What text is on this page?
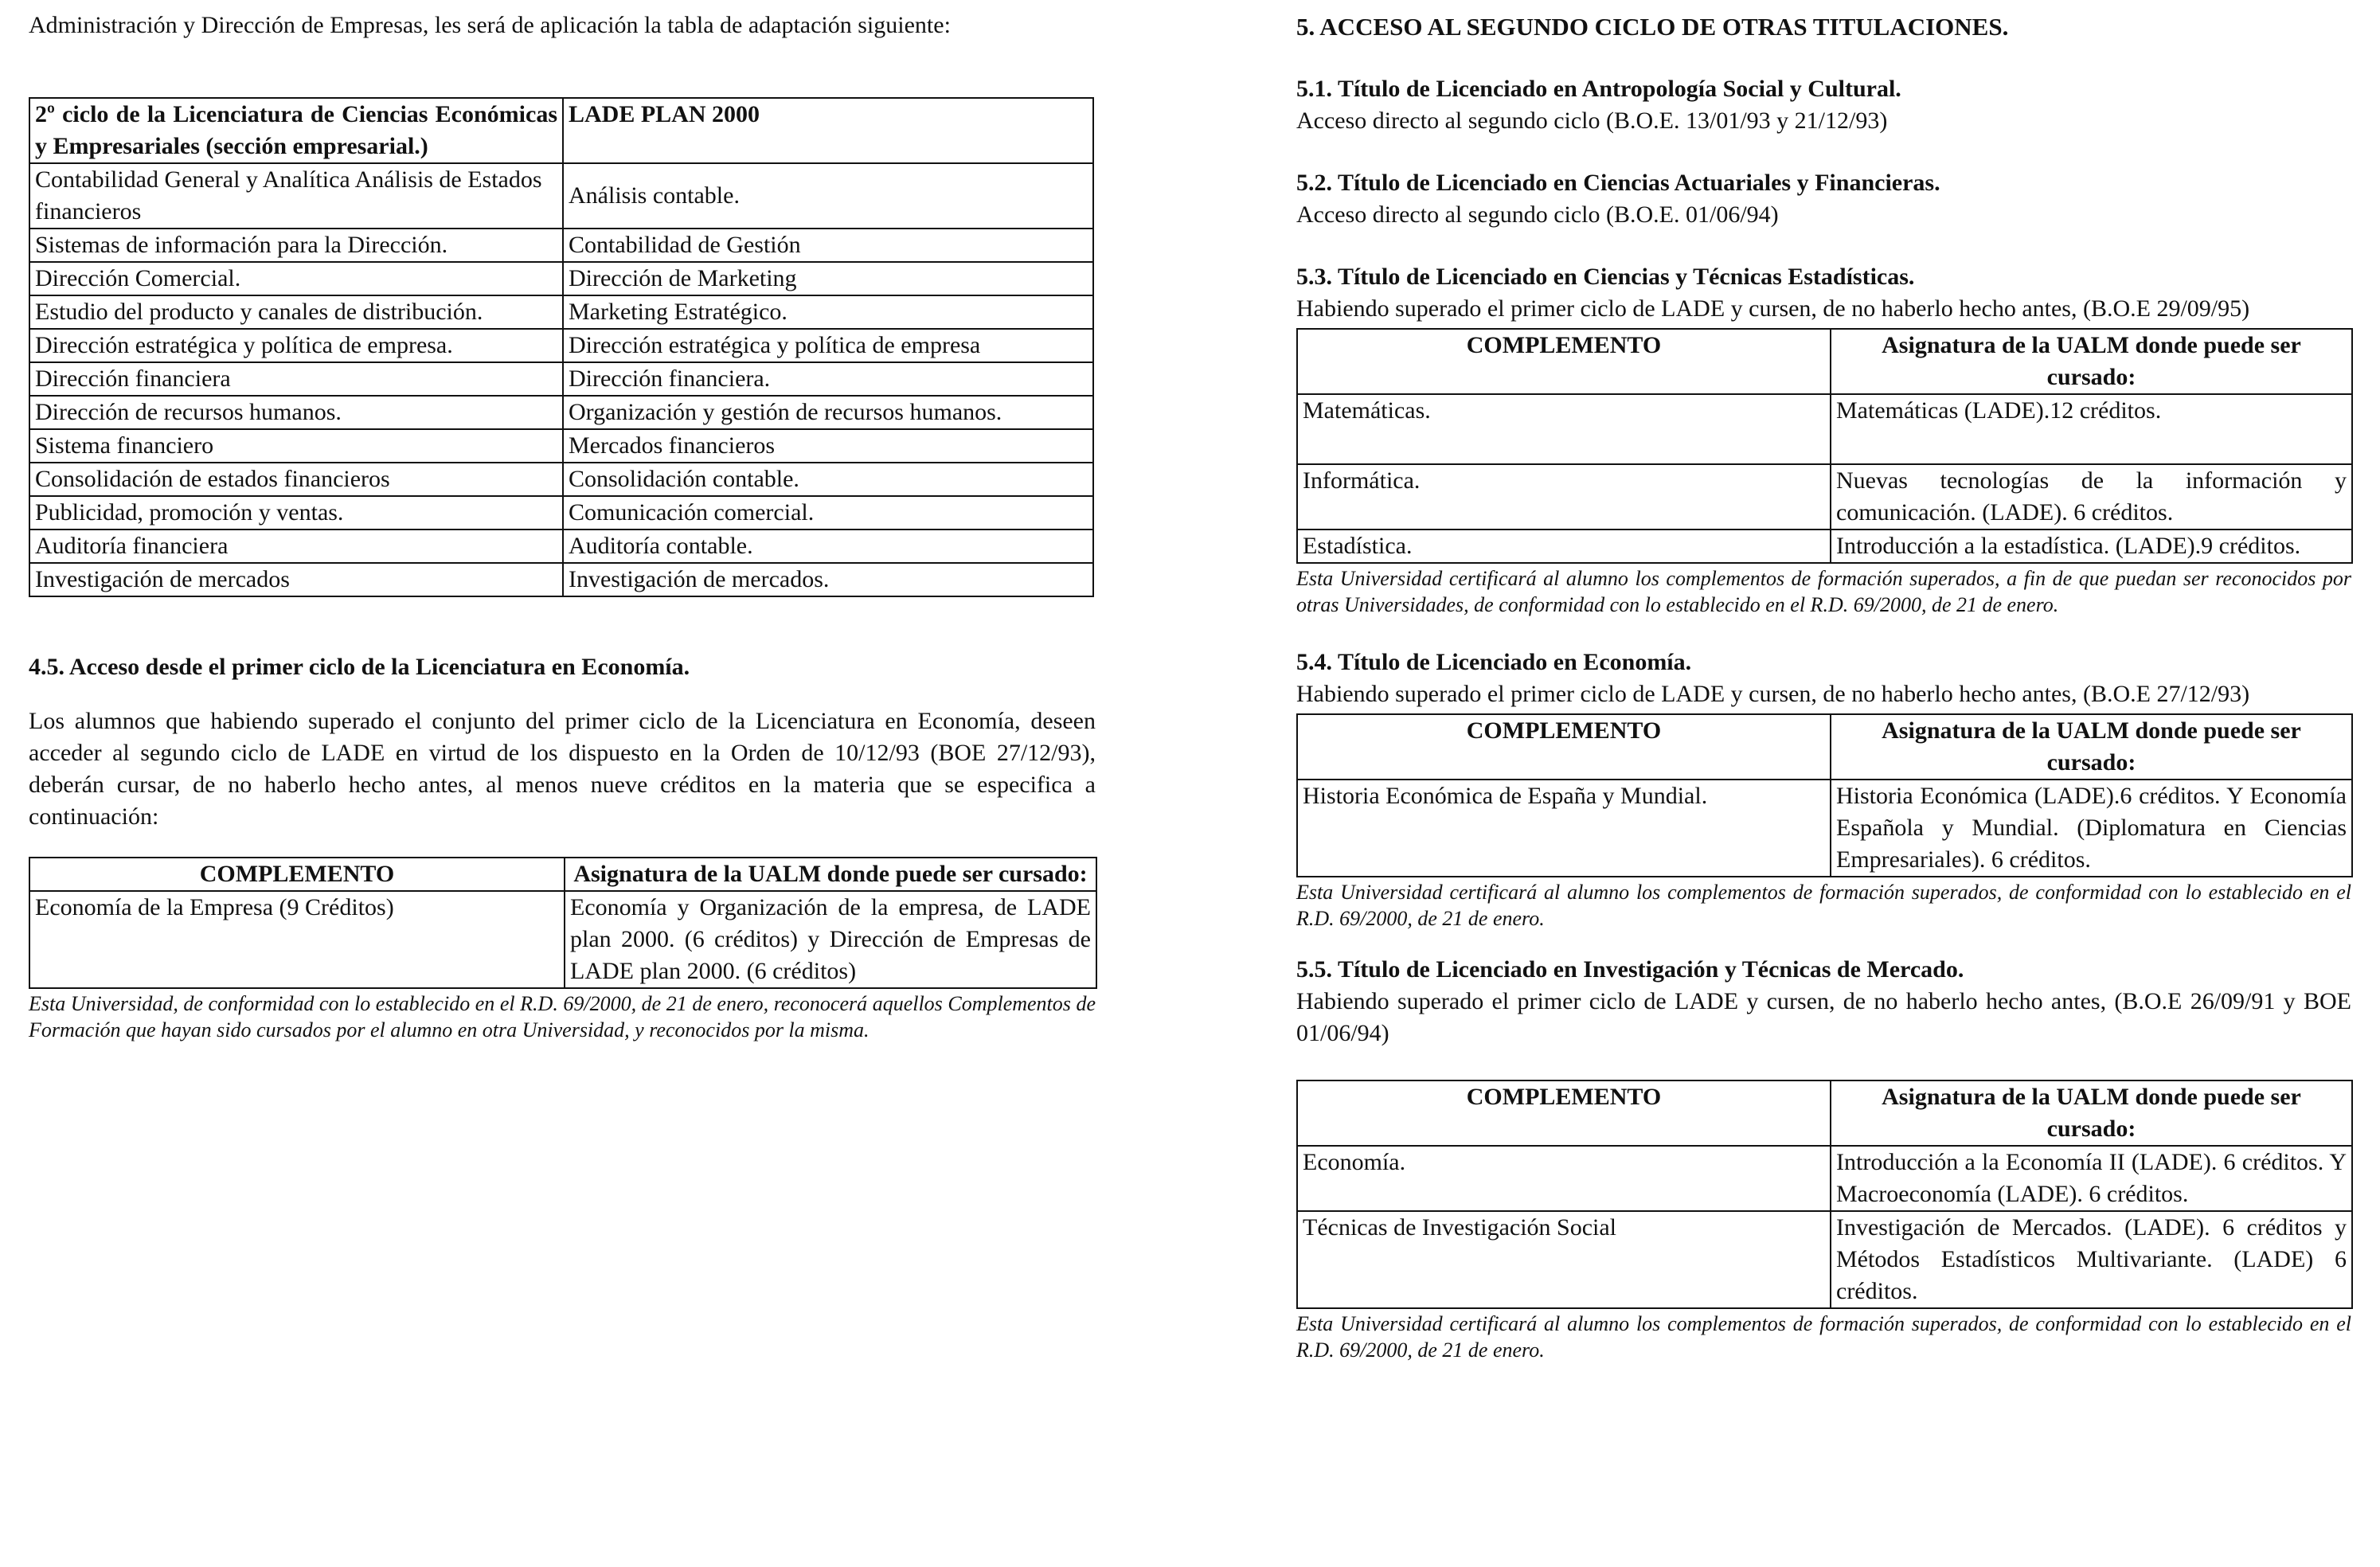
Administración y Dirección de Empresas, les será de aplicación la tabla de adaptación siguiente:

2º ciclo de la Licenciatura de Ciencias Económicas y Empresariales (sección empresarial.)	LADE PLAN 2000
Contabilidad General y Analítica Análisis de Estados financieros	Análisis contable.
Sistemas de información para la Dirección.	Contabilidad de Gestión
Dirección Comercial.	Dirección de Marketing
Estudio del producto y canales de distribución.	Marketing Estratégico.
Dirección estratégica y política de empresa.	Dirección estratégica y política de empresa
Dirección financiera	Dirección financiera.
Dirección de recursos humanos.	Organización y gestión de recursos humanos.
Sistema financiero	Mercados financieros
Consolidación de estados financieros	Consolidación contable.
Publicidad, promoción y ventas.	Comunicación comercial.
Auditoría financiera	Auditoría contable.
Investigación de mercados	Investigación de mercados.
4.5. Acceso desde el primer ciclo de la Licenciatura en Economía.

Los alumnos que habiendo superado el conjunto del primer ciclo de la Licenciatura en Economía, deseen acceder al segundo ciclo de LADE en virtud de los dispuesto en la Orden de 10/12/93 (BOE 27/12/93), deberán cursar, de no haberlo hecho antes, al menos nueve créditos en la materia que se especifica a continuación:

COMPLEMENTO	Asignatura de la UALM donde puede ser cursado:
Economía de la Empresa (9 Créditos)	Economía y Organización de la empresa, de LADE plan 2000. (6 créditos) y Dirección de Empresas de LADE plan 2000. (6 créditos)

Esta Universidad, de conformidad con lo establecido en el R.D. 69/2000, de 21 de enero, reconocerá aquellos Complementos de Formación que hayan sido cursados por el alumno en otra Universidad, y reconocidos por la misma.

5. ACCESO AL SEGUNDO CICLO DE OTRAS TITULACIONES.
5.1. Título de Licenciado en Antropología Social y Cultural.

Acceso directo al segundo ciclo (B.O.E. 13/01/93 y 21/12/93)

5.2. Título de Licenciado en Ciencias Actuariales y Financieras.

Acceso directo al segundo ciclo (B.O.E. 01/06/94)

5.3. Título de Licenciado en Ciencias y Técnicas Estadísticas.

Habiendo superado el primer ciclo de LADE y cursen, de no haberlo hecho antes, (B.O.E 29/09/95)

COMPLEMENTO	Asignatura de la UALM donde puede ser cursado:
Matemáticas.	Matemáticas (LADE).12 créditos.
Informática.	Nuevas tecnologías de la información y comunicación. (LADE). 6 créditos.
Estadística.	Introducción a la estadística. (LADE).9 créditos.

Esta Universidad certificará al alumno los complementos de formación superados, a fin de que puedan ser reconocidos por otras Universidades, de conformidad con lo establecido en el R.D. 69/2000, de 21 de enero.

5.4. Título de Licenciado en Economía.

Habiendo superado el primer ciclo de LADE y cursen, de no haberlo hecho antes, (B.O.E 27/12/93)

COMPLEMENTO	Asignatura de la UALM donde puede ser cursado:
Historia Económica de España y Mundial.	Historia Económica (LADE).6 créditos. Y Economía Española y Mundial. (Diplomatura en Ciencias Empresariales). 6 créditos.

Esta Universidad certificará al alumno los complementos de formación superados, de conformidad con lo establecido en el R.D. 69/2000, de 21 de enero.

5.5. Título de Licenciado en Investigación y Técnicas de Mercado.

Habiendo superado el primer ciclo de LADE y cursen, de no haberlo hecho antes, (B.O.E 26/09/91 y BOE 01/06/94)

COMPLEMENTO	Asignatura de la UALM donde puede ser cursado:
Economía.	Introducción a la Economía II (LADE). 6 créditos. Y Macroeconomía (LADE). 6 créditos.
Técnicas de Investigación Social	Investigación de Mercados. (LADE). 6 créditos y Métodos Estadísticos Multivariante. (LADE) 6 créditos.

Esta Universidad certificará al alumno los complementos de formación superados, de conformidad con lo establecido en el R.D. 69/2000, de 21 de enero.
